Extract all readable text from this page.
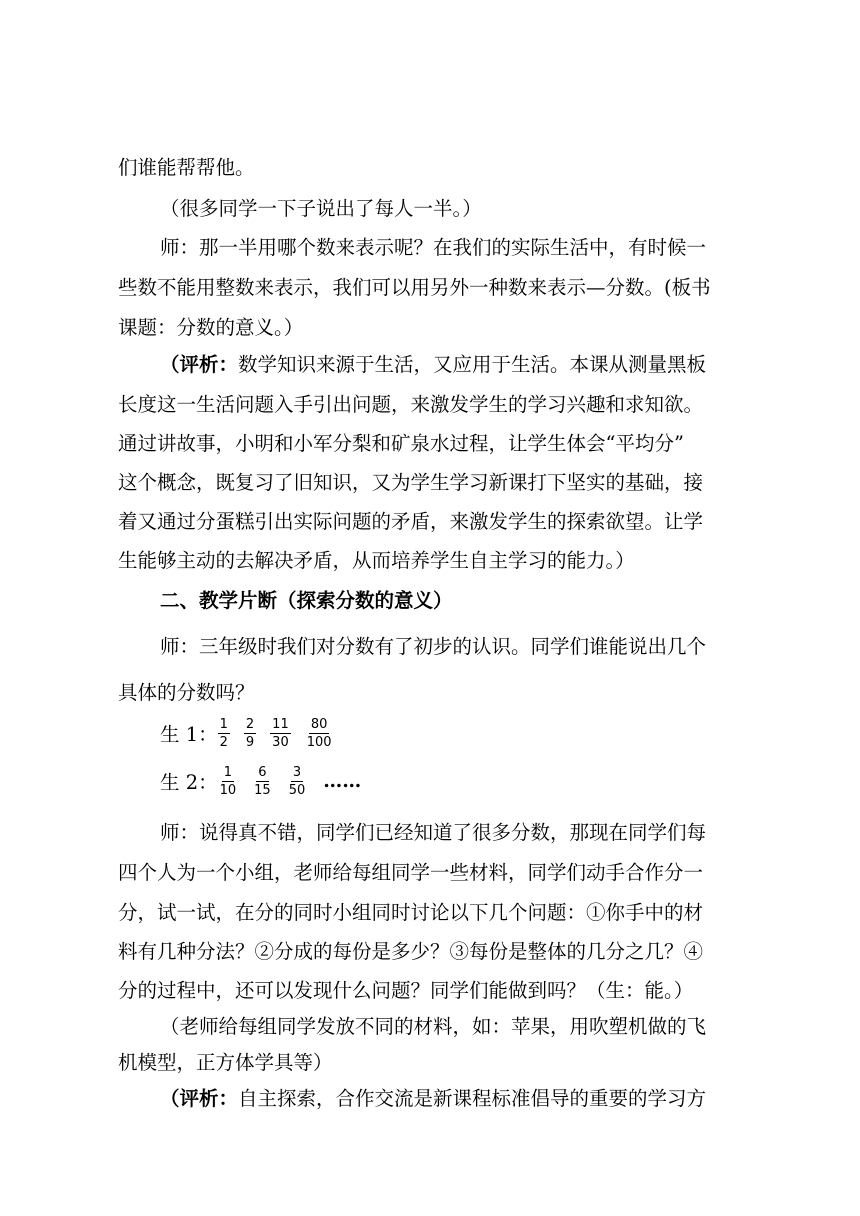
们谁能帮帮他。
（很多同学一下子说出了每人一半。）
师：那一半用哪个数来表示呢？在我们的实际生活中，有时候一
些数不能用整数来表示，我们可以用另外一种数来表示—分数。(板书
课题：分数的意义。）
（评析：数学知识来源于生活，又应用于生活。本课从测量黑板
长度这一生活问题入手引出问题，来激发学生的学习兴趣和求知欲。
通过讲故事，小明和小军分梨和矿泉水过程，让学生体会“平均分”
这个概念，既复习了旧知识，又为学生学习新课打下坚实的基础，接
着又通过分蛋糕引出实际问题的矛盾，来激发学生的探索欲望。让学
生能够主动的去解决矛盾，从而培养学生自主学习的能力。）
二、教学片断（探索分数的意义）
师：三年级时我们对分数有了初步的认识。同学们谁能说出几个
具体的分数吗？
生 1： $\frac{1}{2} \frac{2}{9} \frac{11}{30} \frac{80}{100}$
生 2： $\frac{1}{10} \frac{6}{15} \frac{3}{50}$ ……
师：说得真不错，同学们已经知道了很多分数，那现在同学们每
四个人为一个小组，老师给每组同学一些材料，同学们动手合作分一
分，试一试，在分的同时小组同时讨论以下几个问题：①你手中的材
料有几种分法？②分成的每份是多少？③每份是整体的几分之几？④
分的过程中，还可以发现什么问题？同学们能做到吗？（生：能。）
（老师给每组同学发放不同的材料，如：苹果，用吹塑机做的飞
机模型，正方体学具等）
（评析：自主探索，合作交流是新课程标准倡导的重要的学习方
